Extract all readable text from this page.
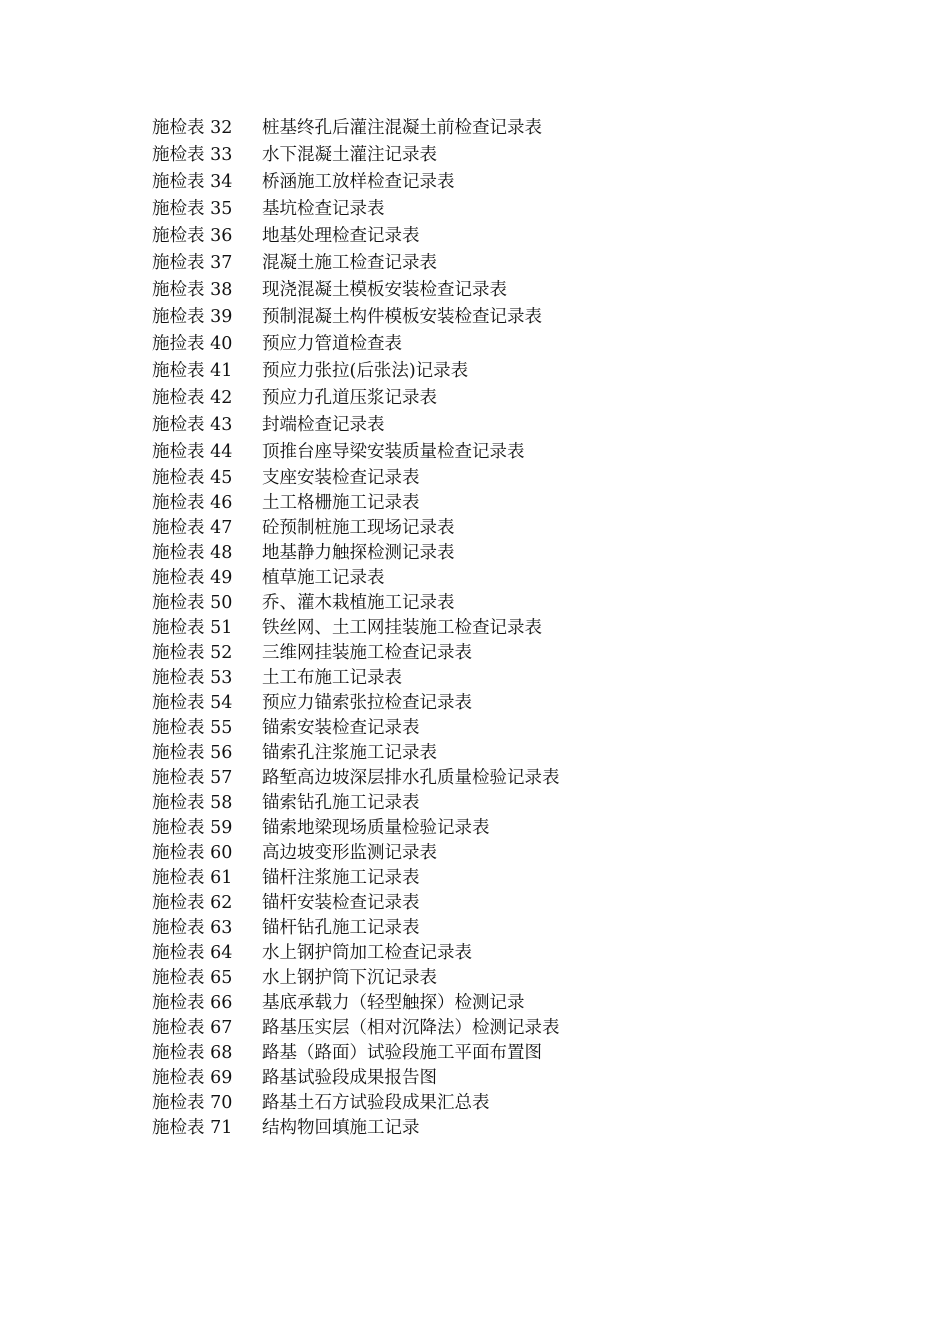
施检表 32	桩基终孔后灌注混凝土前检查记录表
施检表 33	水下混凝土灌注记录表
施检表 34	桥涵施工放样检查记录表
施检表 35	基坑检查记录表
施检表 36	地基处理检查记录表
施检表 37	混凝土施工检查记录表
施检表 38	现浇混凝土模板安装检查记录表
施检表 39	预制混凝土构件模板安装检查记录表
施捡表 40	预应力管道检查表
施检表 41	预应力张拉(后张法)记录表
施检表 42	预应力孔道压浆记录表
施检表 43	封端检查记录表
施检表 44	顶推台座导梁安装质量检查记录表
施检表 45	支座安装检查记录表
施检表 46	土工格栅施工记录表
施检表 47	砼预制桩施工现场记录表
施检表 48	地基静力触探检测记录表
施检表 49	植草施工记录表
施检表 50	乔、灌木栽植施工记录表
施检表 51	铁丝网、土工网挂装施工检查记录表
施检表 52	三维网挂装施工检查记录表
施检表 53	土工布施工记录表
施检表 54	预应力锚索张拉检查记录表
施检表 55	锚索安装检查记录表
施检表 56	锚索孔注浆施工记录表
施检表 57	路堑高边坡深层排水孔质量检验记录表
施检表 58	锚索钻孔施工记录表
施检表 59	锚索地梁现场质量检验记录表
施检表 60	高边坡变形监测记录表
施检表 61	锚杆注浆施工记录表
施检表 62	锚杆安装检查记录表
施检表 63	锚杆钻孔施工记录表
施检表 64	水上钢护筒加工检查记录表
施检表 65	水上钢护筒下沉记录表
施检表 66	基底承载力（轻型触探）检测记录
施检表 67	路基压实层（相对沉降法）检测记录表
施检表 68	路基（路面）试验段施工平面布置图
施检表 69	路基试验段成果报告图
施检表 70	路基土石方试验段成果汇总表
施检表 71	结构物回填施工记录
